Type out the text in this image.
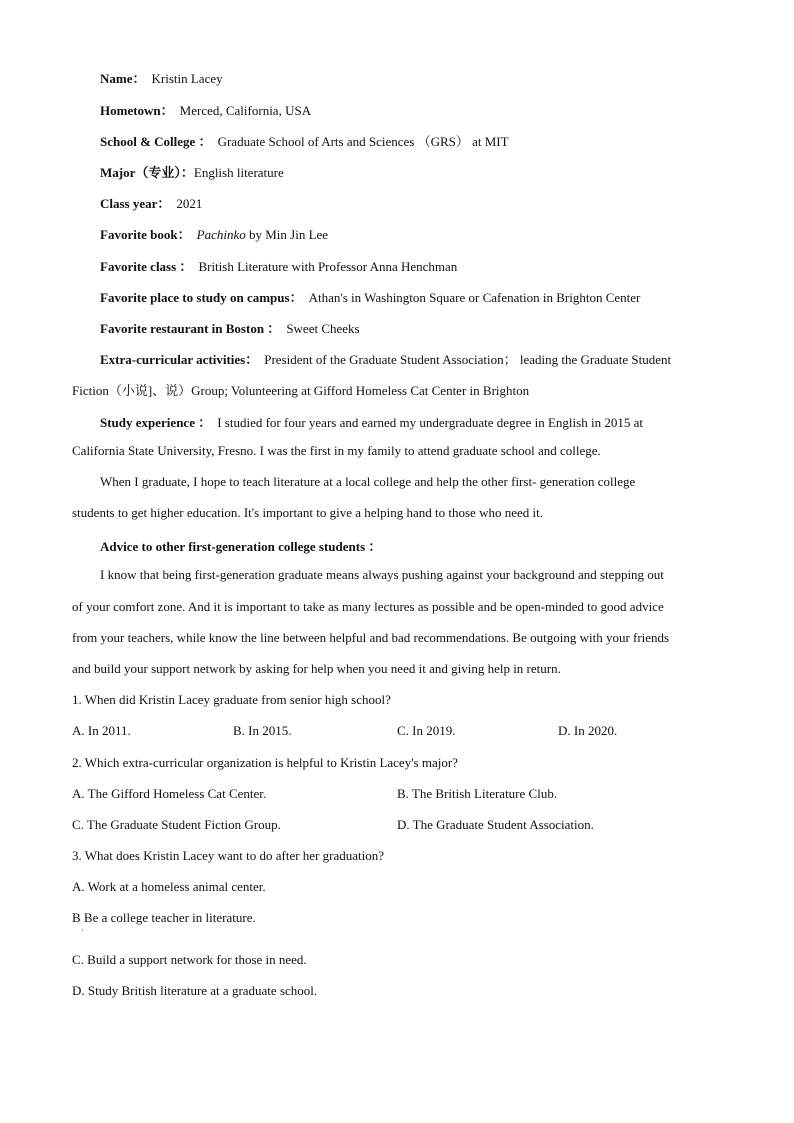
Name： Kristin Lacey
Hometown： Merced, California, USA
School & College ： Graduate School of Arts and Sciences （GRS） at MIT
Major（专业）：English literature
Class year： 2021
Favorite book： Pachinko by Min Jin Lee
Favorite class ： British Literature with Professor Anna Henchman
Favorite place to study on campus： Athan's in Washington Square or Cafenation in Brighton Center
Favorite restaurant in Boston ： Sweet Cheeks
Extra-curricular activities： President of the Graduate Student Association； leading the Graduate Student
Fiction（小说]、说）Group; Volunteering at Gifford Homeless Cat Center in Brighton
Study experience ： I studied for four years and earned my undergraduate degree in English in 2015 at
California State University, Fresno. I was the first in my family to attend graduate school and college.
When I graduate, I hope to teach literature at a local college and help the other first- generation college
students to get higher education. It's important to give a helping hand to those who need it.
Advice to other first-generation college students ：
I know that being first-generation graduate means always pushing against your background and stepping out
of your comfort zone. And it is important to take as many lectures as possible and be open-minded to good advice
from your teachers, while know the line between helpful and bad recommendations. Be outgoing with your friends
and build your support network by asking for help when you need it and giving help in return.
1. When did Kristin Lacey graduate from senior high school?
A. In 2011.	B. In 2015.	C. In 2019.	D. In 2020.
2. Which extra-curricular organization is helpful to Kristin Lacey's major?
A. The Gifford Homeless Cat Center.	B. The British Literature Club.
C. The Graduate Student Fiction Group.	D. The Graduate Student Association.
3. What does Kristin Lacey want to do after her graduation?
A. Work at a homeless animal center.
B Be a college teacher in literature.
·
C. Build a support network for those in need.
D. Study British literature at a graduate school.
